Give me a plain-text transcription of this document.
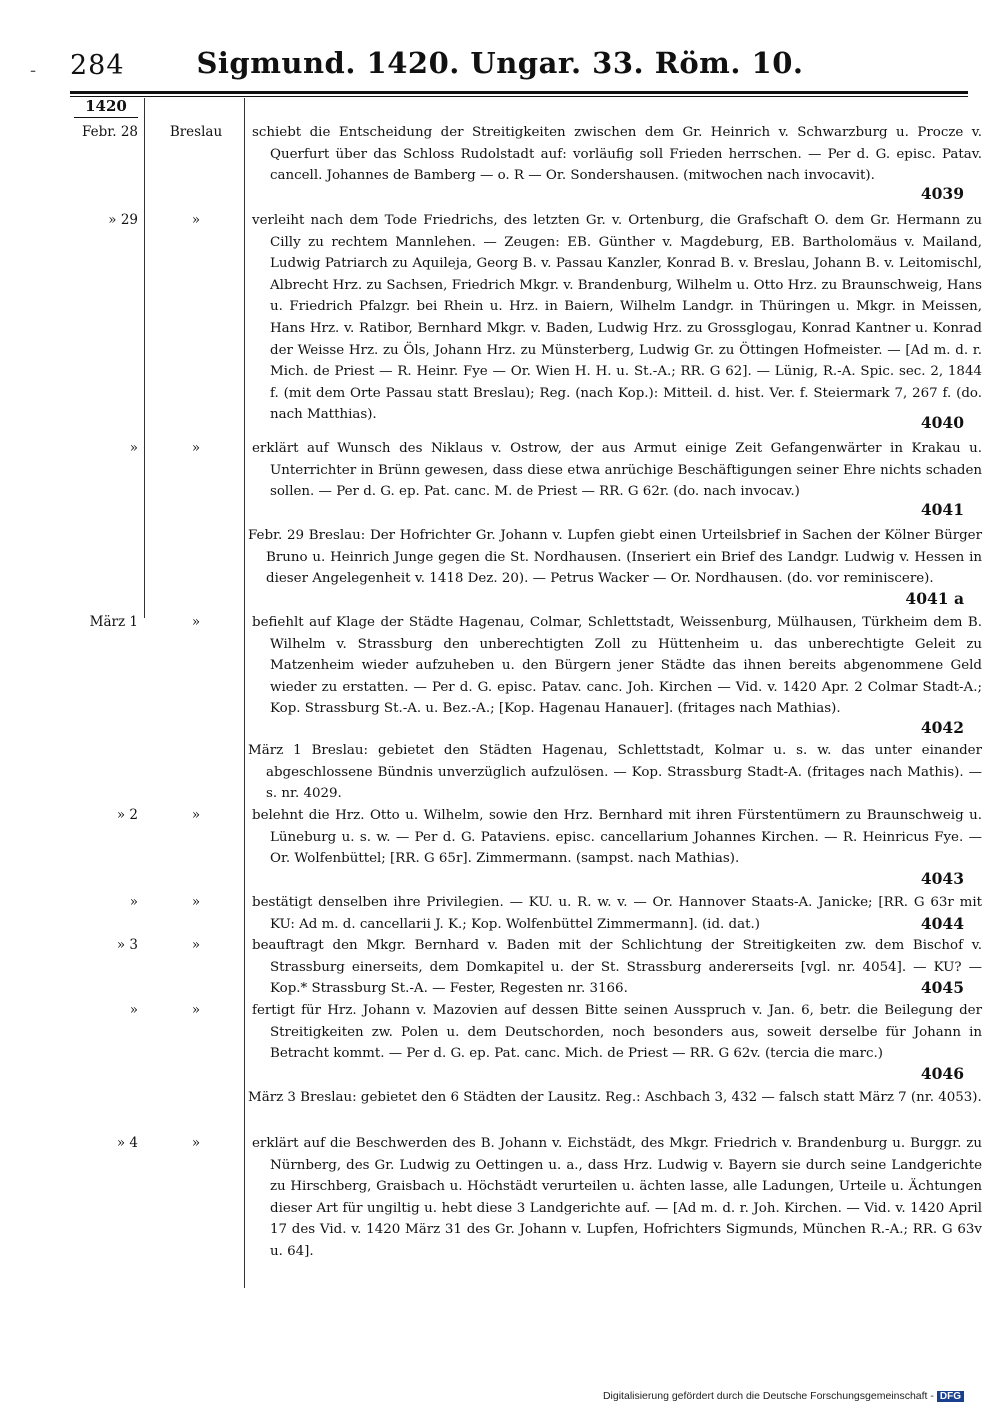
- 284	Sigmund. 1420. Ungar. 33. Röm. 10.
1420
Febr. 28	Breslau	schiebt die Entscheidung der Streitigkeiten zwischen dem Gr. Heinrich v. Schwarzburg u. Procze v. Querfurt über das Schloss Rudolstadt auf: vorläufig soll Frieden herrschen. — Per d. G. episc. Patav. cancell. Johannes de Bamberg — o. R — Or. Sondershausen. (mitwochen nach invocavit).
4039
» 29	»	verleiht nach dem Tode Friedrichs, des letzten Gr. v. Ortenburg, die Grafschaft O. dem Gr. Hermann zu Cilly zu rechtem Mannlehen. — Zeugen: EB. Günther v. Magdeburg, EB. Bartholomäus v. Mailand, Ludwig Patriarch zu Aquileja, Georg B. v. Passau Kanzler, Konrad B. v. Breslau, Johann B. v. Leitomischl, Albrecht Hrz. zu Sachsen, Friedrich Mkgr. v. Brandenburg, Wilhelm u. Otto Hrz. zu Braunschweig, Hans u. Friedrich Pfalzgr. bei Rhein u. Hrz. in Baiern, Wilhelm Landgr. in Thüringen u. Mkgr. in Meissen, Hans Hrz. v. Ratibor, Bernhard Mkgr. v. Baden, Ludwig Hrz. zu Grossglogau, Konrad Kantner u. Konrad der Weisse Hrz. zu Öls, Johann Hrz. zu Münsterberg, Ludwig Gr. zu Öttingen Hofmeister. — [Ad m. d. r. Mich. de Priest — R. Heinr. Fye — Or. Wien H. H. u. St.-A.; RR. G 62]. — Lünig, R.-A. Spic. sec. 2, 1844 f. (mit dem Orte Passau statt Breslau); Reg. (nach Kop.): Mitteil. d. hist. Ver. f. Steiermark 7, 267 f. (do. nach Matthias).	4040
»	»	erklärt auf Wunsch des Niklaus v. Ostrow, der aus Armut einige Zeit Gefangenwärter in Krakau u. Unterrichter in Brünn gewesen, dass diese etwa anrüchige Beschäftigungen seiner Ehre nichts schaden sollen. — Per d. G. ep. Pat. canc. M. de Priest — RR. G 62r. (do. nach invocav.)
4041
Febr. 29 Breslau: Der Hofrichter Gr. Johann v. Lupfen giebt einen Urteilsbrief in Sachen der Kölner Bürger Bruno u. Heinrich Junge gegen die St. Nordhausen. (Inseriert ein Brief des Landgr. Ludwig v. Hessen in dieser Angelegenheit v. 1418 Dez. 20). — Petrus Wacker — Or. Nordhausen. (do. vor reminiscere).
4041 a
März 1	»	befiehlt auf Klage der Städte Hagenau, Colmar, Schlettstadt, Weissenburg, Mülhausen, Türkheim dem B. Wilhelm v. Strassburg den unberechtigten Zoll zu Hüttenheim u. das unberechtigte Geleit zu Matzenheim wieder aufzuheben u. den Bürgern jener Städte das ihnen bereits abgenommene Geld wieder zu erstatten. — Per d. G. episc. Patav. canc. Joh. Kirchen — Vid. v. 1420 Apr. 2 Colmar Stadt-A.; Kop. Strassburg St.-A. u. Bez.-A.; [Kop. Hagenau Hanauer]. (fritages nach Mathias).
4042
März 1 Breslau: gebietet den Städten Hagenau, Schlettstadt, Kolmar u. s. w. das unter einander abgeschlossene Bündnis unverzüglich aufzulösen. — Kop. Strassburg Stadt-A. (fritages nach Mathis). — s. nr. 4029.
» 2	»	belehnt die Hrz. Otto u. Wilhelm, sowie den Hrz. Bernhard mit ihren Fürstentümern zu Braunschweig u. Lüneburg u. s. w. — Per d. G. Pataviens. episc. cancellarium Johannes Kirchen. — R. Heinricus Fye. — Or. Wolfenbüttel; [RR. G 65r]. Zimmermann. (sampst. nach Mathias).
4043
»	»	bestätigt denselben ihre Privilegien. — KU. u. R. w. v. — Or. Hannover Staats-A. Janicke; [RR. G 63r mit KU: Ad m. d. cancellarii J. K.; Kop. Wolfenbüttel Zimmermann]. (id. dat.)	4044
» 3	»	beauftragt den Mkgr. Bernhard v. Baden mit der Schlichtung der Streitigkeiten zw. dem Bischof v. Strassburg einerseits, dem Domkapitel u. der St. Strassburg andererseits [vgl. nr. 4054]. — KU? — Kop.* Strassburg St.-A. — Fester, Regesten nr. 3166.	4045
»	»	fertigt für Hrz. Johann v. Mazovien auf dessen Bitte seinen Ausspruch v. Jan. 6, betr. die Beilegung der Streitigkeiten zw. Polen u. dem Deutschorden, noch besonders aus, soweit derselbe für Johann in Betracht kommt. — Per d. G. ep. Pat. canc. Mich. de Priest — RR. G 62v. (tercia die marc.)
4046
März 3 Breslau: gebietet den 6 Städten der Lausitz. Reg.: Aschbach 3, 432 — falsch statt März 7 (nr. 4053).
» 4	»	erklärt auf die Beschwerden des B. Johann v. Eichstädt, des Mkgr. Friedrich v. Brandenburg u. Burggr. zu Nürnberg, des Gr. Ludwig zu Oettingen u. a., dass Hrz. Ludwig v. Bayern sie durch seine Landgerichte zu Hirschberg, Graisbach u. Höchstädt verurteilen u. ächten lasse, alle Ladungen, Urteile u. Ächtungen dieser Art für ungiltig u. hebt diese 3 Landgerichte auf. — [Ad m. d. r. Joh. Kirchen. — Vid. v. 1420 April 17 des Vid. v. 1420 März 31 des Gr. Johann v. Lupfen, Hofrichters Sigmunds, München R.-A.; RR. G 63v u. 64].
Digitalisierung gefördert durch die Deutsche Forschungsgemeinschaft - DFG
